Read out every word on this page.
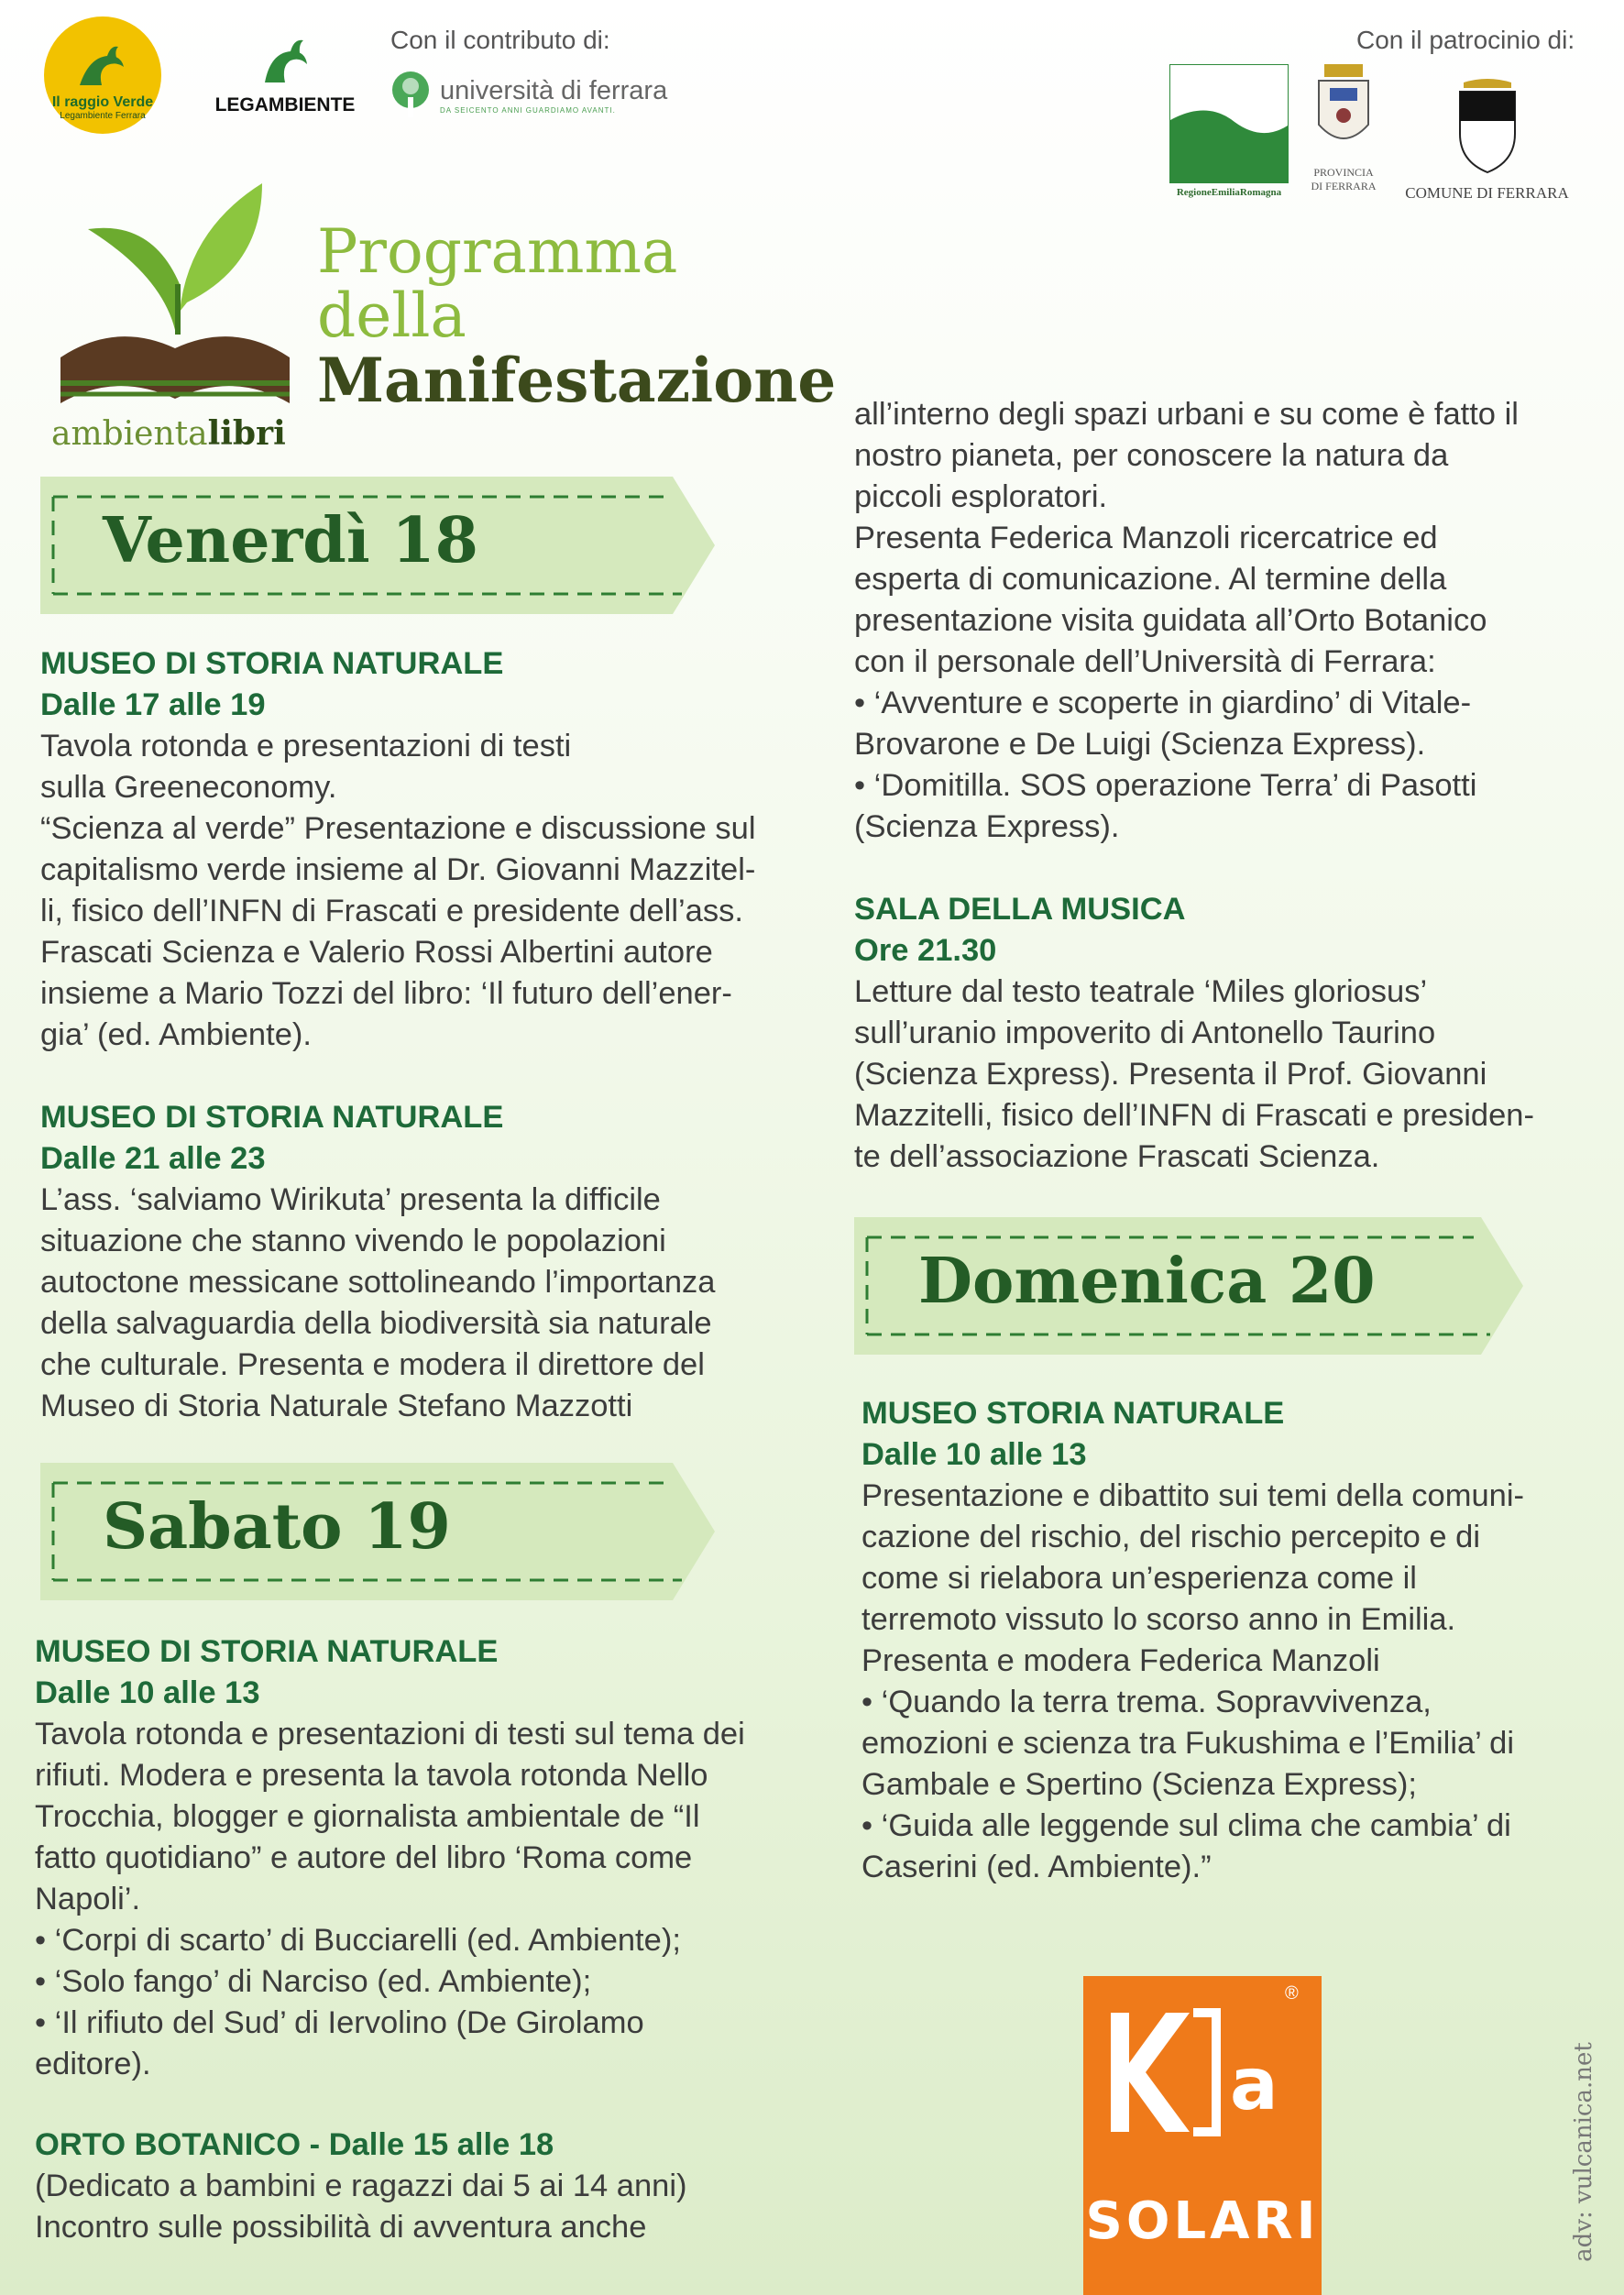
Il raggio Verde
Legambiente Ferrara
LEGAMBIENTE
Con il contributo di:
università di ferrara
DA SEICENTO ANNI GUARDIAMO AVANTI.
Con il patrocinio di:
RegioneEmiliaRomagna
PROVINCIA
DI FERRARA	COMUNE DI FERRARA
Programma
della
Manifestazione
ambientalibri
Venerdì 18
MUSEO DI STORIA NATURALE
Dalle 17 alle 19
Tavola rotonda e presentazioni di testi
sulla Greeneconomy.
“Scienza al verde” Presentazione e discussione sul
capitalismo verde insieme al Dr. Giovanni Mazzitel-
li, fisico dell’INFN di Frascati e presidente dell’ass.
Frascati Scienza e Valerio Rossi Albertini autore
insieme a Mario Tozzi del libro: ‘Il futuro dell’ener-
gia’ (ed. Ambiente).
MUSEO DI STORIA NATURALE
Dalle 21 alle 23
L’ass. ‘salviamo Wirikuta’ presenta la difficile
situazione che stanno vivendo le popolazioni
autoctone messicane sottolineando l’importanza
della salvaguardia della biodiversità sia naturale
che culturale. Presenta e modera il direttore del
Museo di Storia Naturale Stefano Mazzotti
Sabato 19
MUSEO DI STORIA NATURALE
Dalle 10 alle 13
Tavola rotonda e presentazioni di testi sul tema dei
rifiuti. Modera e presenta la tavola rotonda Nello
Trocchia, blogger e giornalista ambientale de “Il
fatto quotidiano” e autore del libro ‘Roma come
Napoli’.
• ‘Corpi di scarto’ di Bucciarelli (ed. Ambiente);
• ‘Solo fango’ di Narciso (ed. Ambiente);
• ‘Il rifiuto del Sud’ di Iervolino (De Girolamo
editore).
ORTO BOTANICO - Dalle 15 alle 18
(Dedicato a bambini e ragazzi dai 5 ai 14 anni)
Incontro sulle possibilità di avventura anche
all’interno degli spazi urbani e su come è fatto il
nostro pianeta, per conoscere la natura da
piccoli esploratori.
Presenta Federica Manzoli ricercatrice ed
esperta di comunicazione. Al termine della
presentazione visita guidata all’Orto Botanico
con il personale dell’Università di Ferrara:
• ‘Avventure e scoperte in giardino’ di Vitale-
Brovarone e De Luigi (Scienza Express).
• ‘Domitilla. SOS operazione Terra’ di Pasotti
(Scienza Express).
SALA DELLA MUSICA
Ore 21.30
Letture dal testo teatrale ‘Miles gloriosus’
sull’uranio impoverito di Antonello Taurino
(Scienza Express). Presenta il Prof. Giovanni
Mazzitelli, fisico dell’INFN di Frascati e presiden-
te dell’associazione Frascati Scienza.
Domenica 20
MUSEO STORIA NATURALE
Dalle 10 alle 13
Presentazione e dibattito sui temi della comuni-
cazione del rischio, del rischio percepito e di
come si rielabora un’esperienza come il
terremoto vissuto lo scorso anno in Emilia.
Presenta e modera Federica Manzoli
• ‘Quando la terra trema. Sopravvivenza,
emozioni e scienza tra Fukushima e l’Emilia’ di
Gambale e Spertino (Scienza Express);
• ‘Guida alle leggende sul clima che cambia’ di
Caserini (ed. Ambiente).”
a
®
SOLARI	adv: vulcanica.net
